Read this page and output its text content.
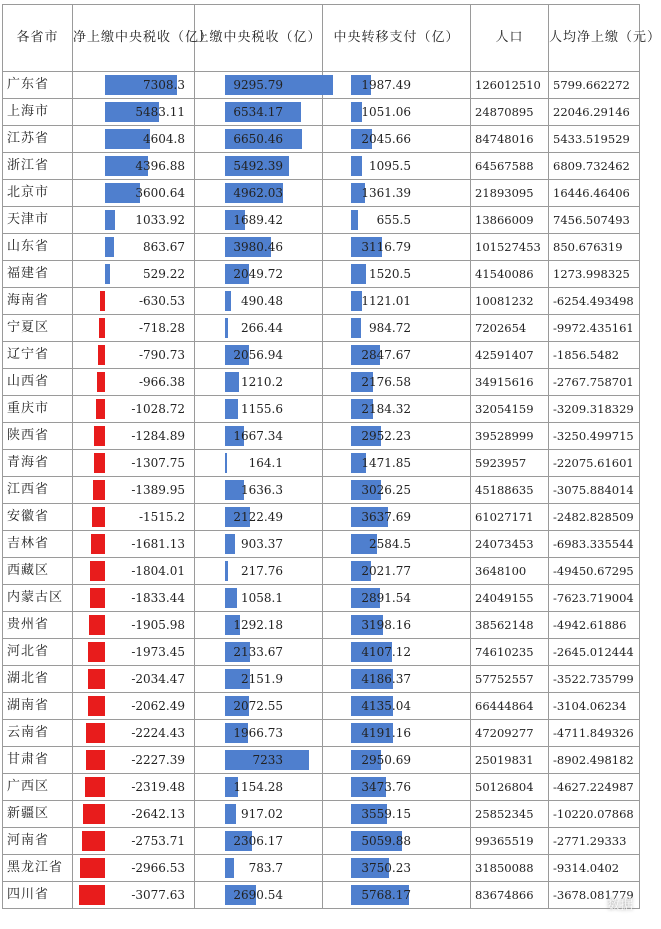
各省市	净上缴中央税收（亿）	上缴中央税收（亿）	中央转移支付（亿）	人口	人均净上缴（元）
广东省	7308.3	9295.79	1987.49	126012510	5799.662272
上海市	5483.11	6534.17	1051.06	24870895	22046.29146
江苏省	4604.8	6650.46	2045.66	84748016	5433.519529
浙江省	4396.88	5492.39	1095.5	64567588	6809.732462
北京市	3600.64	4962.03	1361.39	21893095	16446.46406
天津市	1033.92	1689.42	655.5	13866009	7456.507493
山东省	863.67	3980.46	3116.79	101527453	850.676319
福建省	529.22	2049.72	1520.5	41540086	1273.998325
海南省	-630.53	490.48	1121.01	10081232	-6254.493498
宁夏区	-718.28	266.44	984.72	7202654	-9972.435161
辽宁省	-790.73	2056.94	2847.67	42591407	-1856.5482
山西省	-966.38	1210.2	2176.58	34915616	-2767.758701
重庆市	-1028.72	1155.6	2184.32	32054159	-3209.318329
陕西省	-1284.89	1667.34	2952.23	39528999	-3250.499715
青海省	-1307.75	164.1	1471.85	5923957	-22075.61601
江西省	-1389.95	1636.3	3026.25	45188635	-3075.884014
安徽省	-1515.2	2122.49	3637.69	61027171	-2482.828509
吉林省	-1681.13	903.37	2584.5	24073453	-6983.335544
西藏区	-1804.01	217.76	2021.77	3648100	-49450.67295
内蒙古区	-1833.44	1058.1	2891.54	24049155	-7623.719004
贵州省	-1905.98	1292.18	3198.16	38562148	-4942.61886
河北省	-1973.45	2133.67	4107.12	74610235	-2645.012444
湖北省	-2034.47	2151.9	4186.37	57752557	-3522.735799
湖南省	-2062.49	2072.55	4135.04	66444864	-3104.06234
云南省	-2224.43	1966.73	4191.16	47209277	-4711.849326
甘肃省	-2227.39	7233	2950.69	25019831	-8902.498182
广西区	-2319.48	1154.28	3473.76	50126804	-4627.224987
新疆区	-2642.13	917.02	3559.15	25852345	-10220.07868
河南省	-2753.71	2306.17	5059.88	99365519	-2771.29333
黑龙江省	-2966.53	783.7	3750.23	31850088	-9314.0402
四川省	-3077.63	2690.54	5768.17	83674866	-3678.081779
数据
